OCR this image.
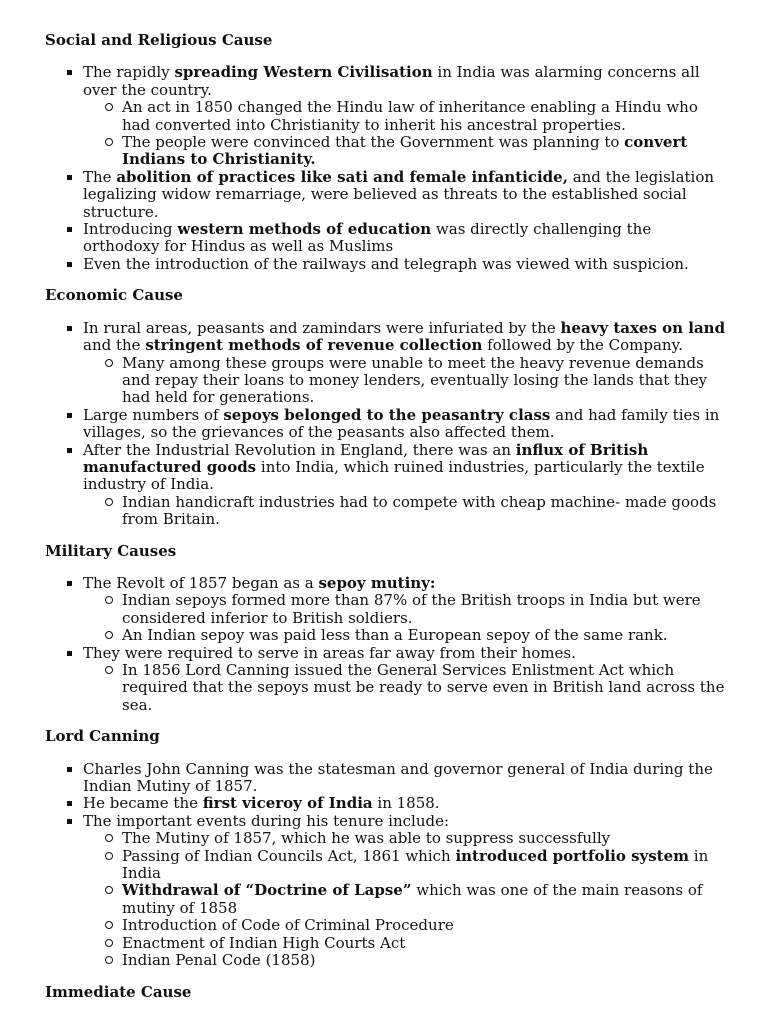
Social and Religious Cause
The rapidly spreading Western Civilisation in India was alarming concerns all over the country.
An act in 1850 changed the Hindu law of inheritance enabling a Hindu who had converted into Christianity to inherit his ancestral properties.
The people were convinced that the Government was planning to convert Indians to Christianity.
The abolition of practices like sati and female infanticide, and the legislation legalizing widow remarriage, were believed as threats to the established social structure.
Introducing western methods of education was directly challenging the orthodoxy for Hindus as well as Muslims
Even the introduction of the railways and telegraph was viewed with suspicion.
Economic Cause
In rural areas, peasants and zamindars were infuriated by the heavy taxes on land and the stringent methods of revenue collection followed by the Company.
Many among these groups were unable to meet the heavy revenue demands and repay their loans to money lenders, eventually losing the lands that they had held for generations.
Large numbers of sepoys belonged to the peasantry class and had family ties in villages, so the grievances of the peasants also affected them.
After the Industrial Revolution in England, there was an influx of British manufactured goods into India, which ruined industries, particularly the textile industry of India.
Indian handicraft industries had to compete with cheap machine- made goods from Britain.
Military Causes
The Revolt of 1857 began as a sepoy mutiny:
Indian sepoys formed more than 87% of the British troops in India but were considered inferior to British soldiers.
An Indian sepoy was paid less than a European sepoy of the same rank.
They were required to serve in areas far away from their homes.
In 1856 Lord Canning issued the General Services Enlistment Act which required that the sepoys must be ready to serve even in British land across the sea.
Lord Canning
Charles John Canning was the statesman and governor general of India during the Indian Mutiny of 1857.
He became the first viceroy of India in 1858.
The important events during his tenure include:
The Mutiny of 1857, which he was able to suppress successfully
Passing of Indian Councils Act, 1861 which introduced portfolio system in India
Withdrawal of “Doctrine of Lapse” which was one of the main reasons of mutiny of 1858
Introduction of Code of Criminal Procedure
Enactment of Indian High Courts Act
Indian Penal Code (1858)
Immediate Cause
